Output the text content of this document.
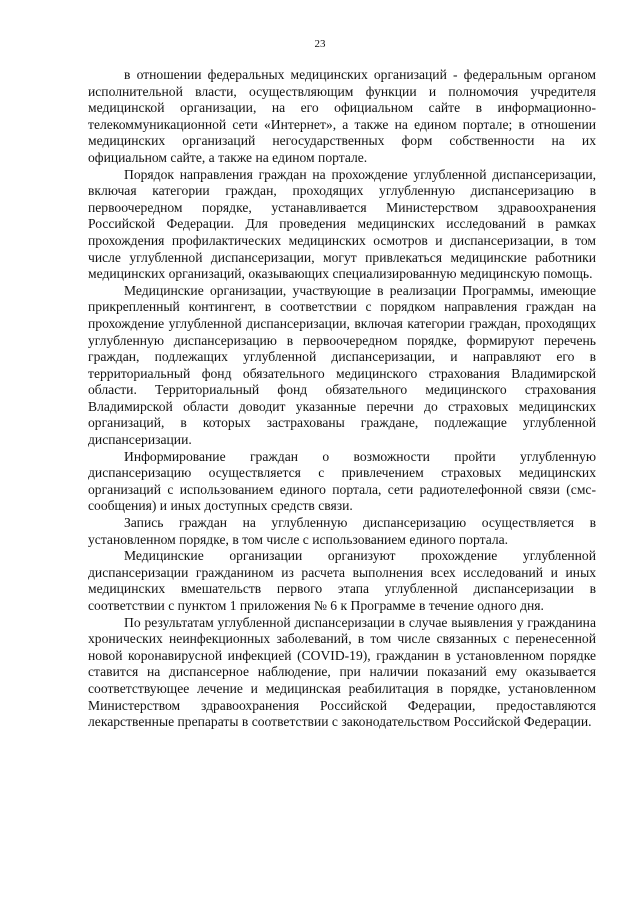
23

в отношении федеральных медицинских организаций - федеральным органом исполнительной власти, осуществляющим функции и полномочия учредителя медицинской организации, на его официальном сайте в информационно-телекоммуникационной сети «Интернет», а также на едином портале; в отношении медицинских организаций негосударственных форм собственности на их официальном сайте, а также на едином портале.

Порядок направления граждан на прохождение углубленной диспансеризации, включая категории граждан, проходящих углубленную диспансеризацию в первоочередном порядке, устанавливается Министерством здравоохранения Российской Федерации. Для проведения медицинских исследований в рамках прохождения профилактических медицинских осмотров и диспансеризации, в том числе углубленной диспансеризации, могут привлекаться медицинские работники медицинских организаций, оказывающих специализированную медицинскую помощь.

Медицинские организации, участвующие в реализации Программы, имеющие прикрепленный контингент, в соответствии с порядком направления граждан на прохождение углубленной диспансеризации, включая категории граждан, проходящих углубленную диспансеризацию в первоочередном порядке, формируют перечень граждан, подлежащих углубленной диспансеризации, и направляют его в территориальный фонд обязательного медицинского страхования Владимирской области. Территориальный фонд обязательного медицинского страхования Владимирской области доводит указанные перечни до страховых медицинских организаций, в которых застрахованы граждане, подлежащие углубленной диспансеризации.

Информирование граждан о возможности пройти углубленную диспансеризацию осуществляется с привлечением страховых медицинских организаций с использованием единого портала, сети радиотелефонной связи (смс-сообщения) и иных доступных средств связи.

Запись граждан на углубленную диспансеризацию осуществляется в установленном порядке, в том числе с использованием единого портала.

Медицинские организации организуют прохождение углубленной диспансеризации гражданином из расчета выполнения всех исследований и иных медицинских вмешательств первого этапа углубленной диспансеризации в соответствии с пунктом 1 приложения № 6 к Программе в течение одного дня.

По результатам углубленной диспансеризации в случае выявления у гражданина хронических неинфекционных заболеваний, в том числе связанных с перенесенной новой коронавирусной инфекцией (COVID-19), гражданин в установленном порядке ставится на диспансерное наблюдение, при наличии показаний ему оказывается соответствующее лечение и медицинская реабилитация в порядке, установленном Министерством здравоохранения Российской Федерации, предоставляются лекарственные препараты в соответствии с законодательством Российской Федерации.
